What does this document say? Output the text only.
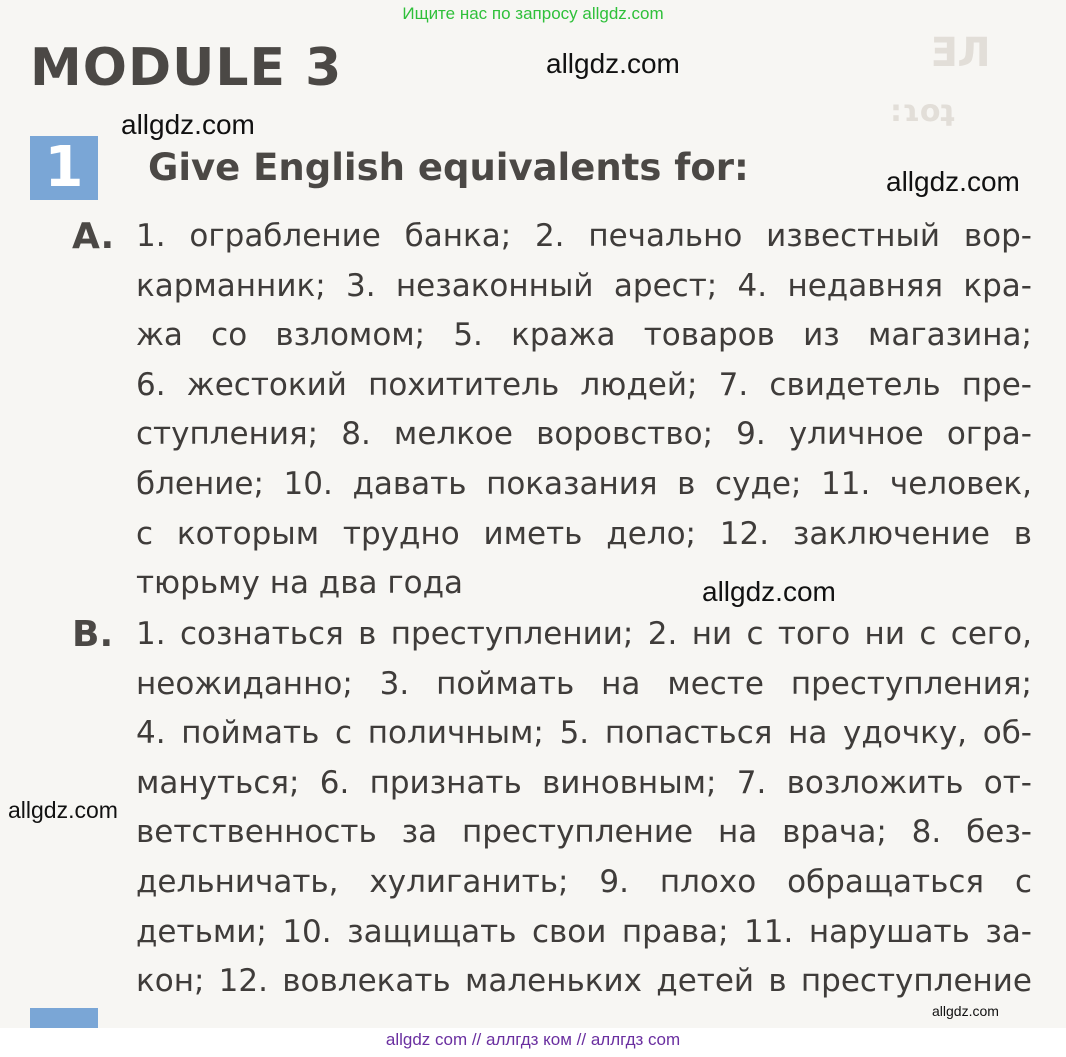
ƎЛ
:ɿoʇ
Ищите нас по запросу allgdz.com
MODULE 3	allgdz.com
allgdz.com
allgdz.com
1	Give English equivalents for:
A. 1. ограбление банка; 2. печально известный вор-
карманник; 3. незаконный арест; 4. недавняя кра-
жа со взломом; 5. кража товаров из магазина;
6. жестокий похититель людей; 7. свидетель пре-
ступления; 8. мелкое воровство; 9. уличное огра-
бление; 10. давать показания в суде; 11. человек,
с которым трудно иметь дело; 12. заключение в
тюрьму на два года	allgdz.com
B. 1. сознаться в преступлении; 2. ни с того ни с сего,
неожиданно; 3. поймать на месте преступления;
4. поймать с поличным; 5. попасться на удочку, об-
мануться; 6. признать виновным; 7. возложить от-
ветственность за преступление на врача; 8. без-
дельничать, хулиганить; 9. плохо обращаться с
детьми; 10. защищать свои права; 11. нарушать за-
кон; 12. вовлекать маленьких детей в преступление
allgdz.com
allgdz.com
allgdz com // аллгдз ком // аллгдз com
